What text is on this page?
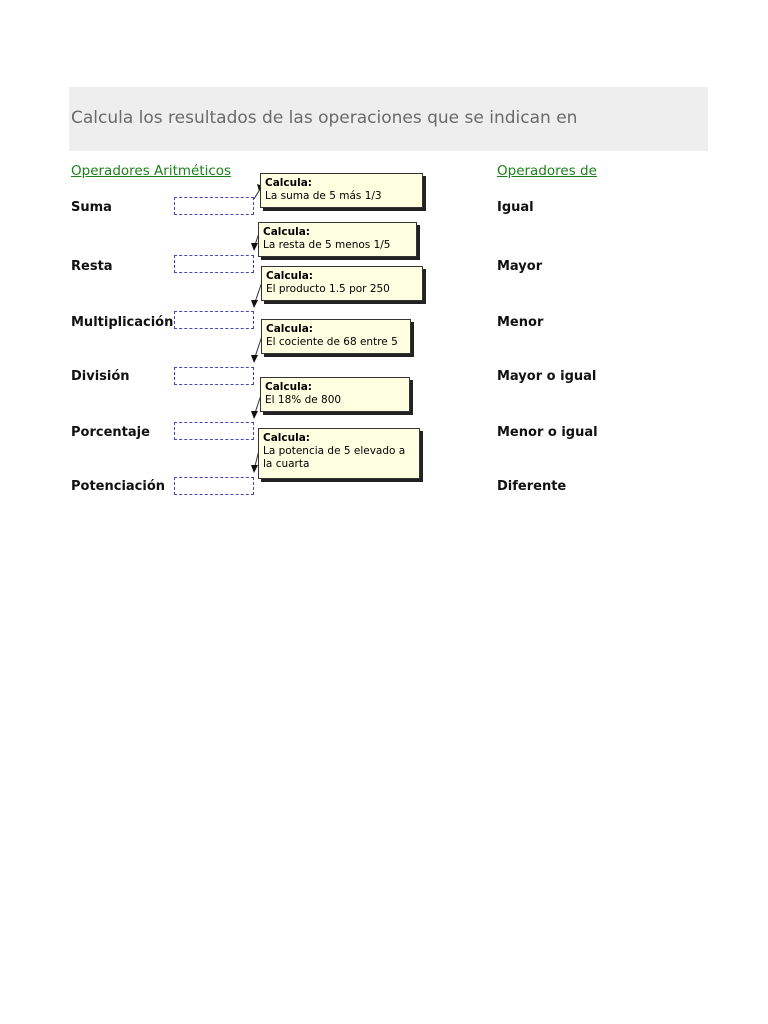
Calcula los resultados de las operaciones que se indican en
Operadores Aritméticos	Operadores de
Suma
Resta
Multiplicación
División
Porcentaje
Potenciación
Igual
Mayor
Menor
Mayor o igual
Menor o igual
Diferente
Calcula:
La suma de 5 más 1/3
Calcula:
La resta de 5 menos 1/5
Calcula:
El producto 1.5 por 250
Calcula:
El cociente de 68 entre 5
Calcula:
El 18% de 800
Calcula:
La potencia de 5 elevado a la cuarta
